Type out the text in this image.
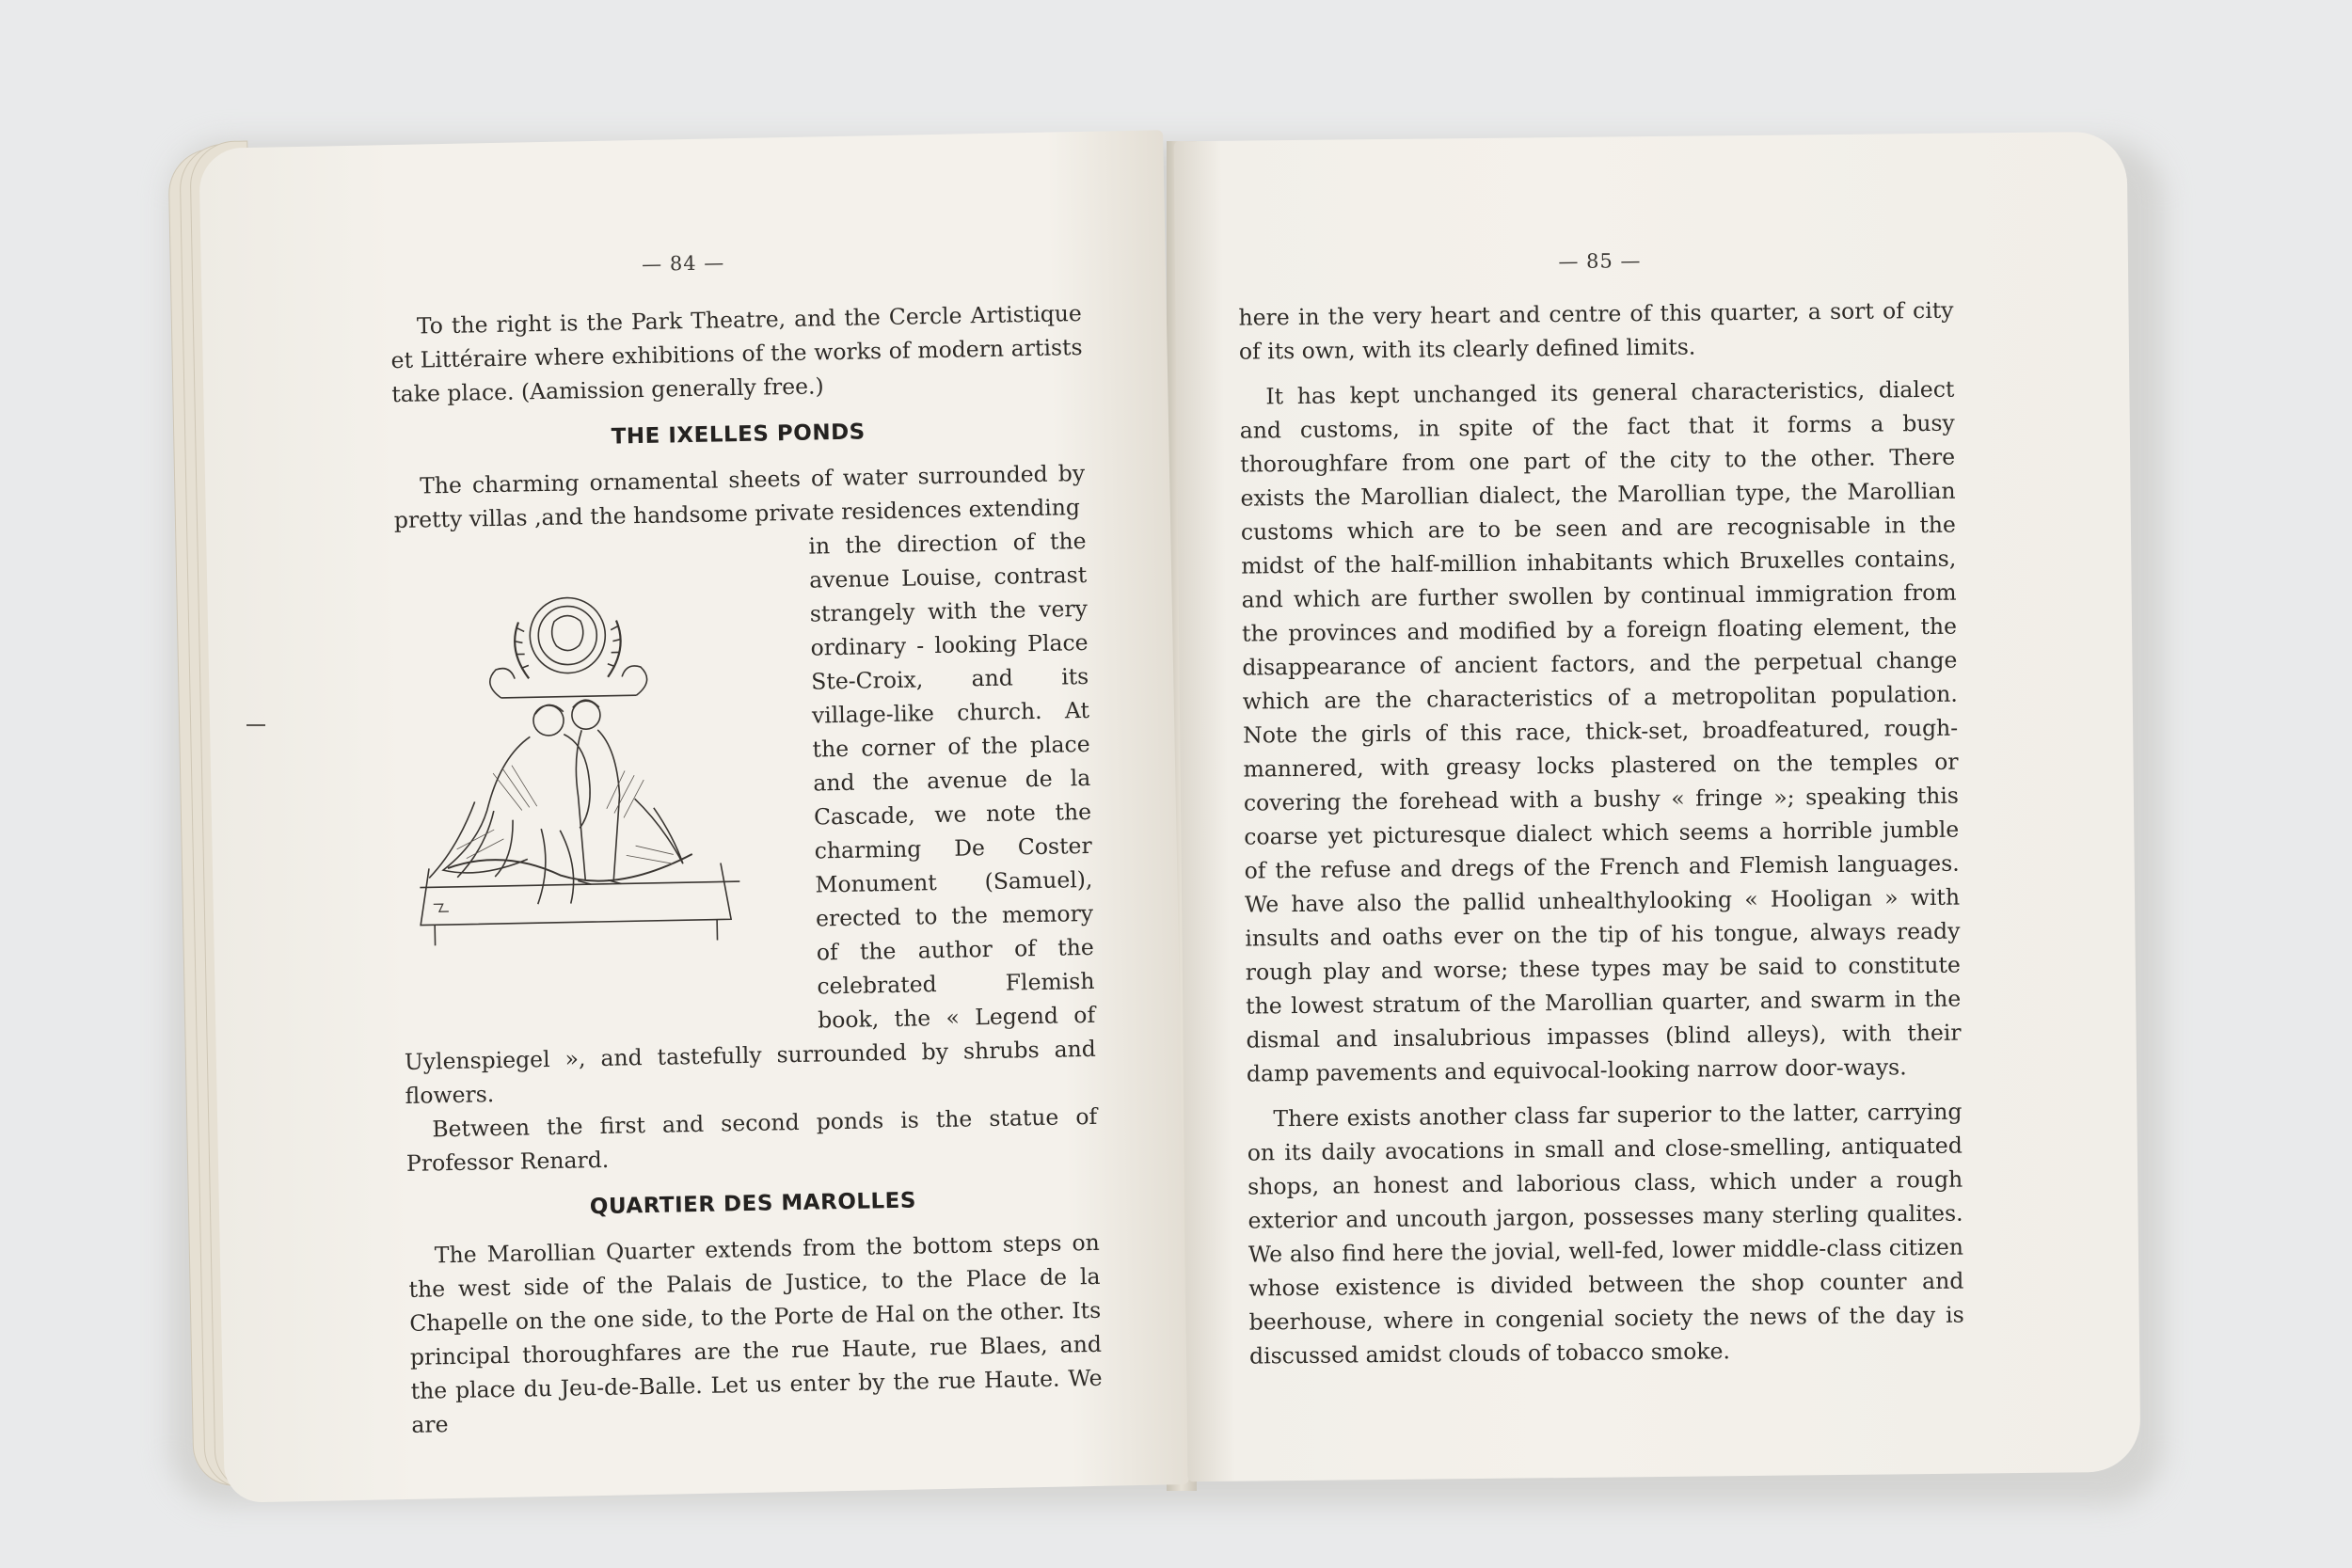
— 84 —

To the right is the Park Theatre, and the Cercle Artistique et Littéraire where exhibitions of the works of modern artists take place. (Aamission generally free.)

THE IXELLES PONDS

The charming ornamental sheets of water surrounded by pretty villas ,and the handsome private residences extending

in the direction of the avenue Louise, contrast strangely with the very ordinary - looking Place Ste-Croix, and its village-like church. At the corner of the place and the avenue de la Cascade, we note the charming De Coster Monument (Samuel), erected to the memory of the author of the celebrated Flemish book, the « Legend of Uylenspiegel », and tastefully surrounded by shrubs and flowers.

Between the first and second ponds is the statue of Professor Renard.

QUARTIER DES MAROLLES

The Marollian Quarter extends from the bottom steps on the west side of the Palais de Justice, to the Place de la Chapelle on the one side, to the Porte de Hal on the other. Its principal thoroughfares are the rue Haute, rue Blaes, and the place du Jeu-de-Balle. Let us enter by the rue Haute. We are

— 85 —

here in the very heart and centre of this quarter, a sort of city of its own, with its clearly defined limits.

It has kept unchanged its general characteristics, dialect and customs, in spite of the fact that it forms a busy thoroughfare from one part of the city to the other. There exists the Marollian dialect, the Marollian type, the Marollian customs which are to be seen and are recognisable in the midst of the half-million inhabitants which Bruxelles contains, and which are further swollen by continual immigration from the provinces and modified by a foreign floating element, the disappearance of ancient factors, and the perpetual change which are the characteristics of a metropolitan population. Note the girls of this race, thick-set, broadfeatured, rough-mannered, with greasy locks plastered on the temples or covering the forehead with a bushy « fringe »; speaking this coarse yet picturesque dialect which seems a horrible jumble of the refuse and dregs of the French and Flemish languages. We have also the pallid unhealthylooking « Hooligan » with insults and oaths ever on the tip of his tongue, always ready rough play and worse; these types may be said to constitute the lowest stratum of the Marollian quarter, and swarm in the dismal and insalubrious impasses (blind alleys), with their damp pavements and equivocal-looking narrow door-ways.

There exists another class far superior to the latter, carrying on its daily avocations in small and close-smelling, antiquated shops, an honest and laborious class, which under a rough exterior and uncouth jargon, possesses many sterling qualites. We also find here the jovial, well-fed, lower middle-class citizen whose existence is divided between the shop counter and beerhouse, where in congenial society the news of the day is discussed amidst clouds of tobacco smoke.
